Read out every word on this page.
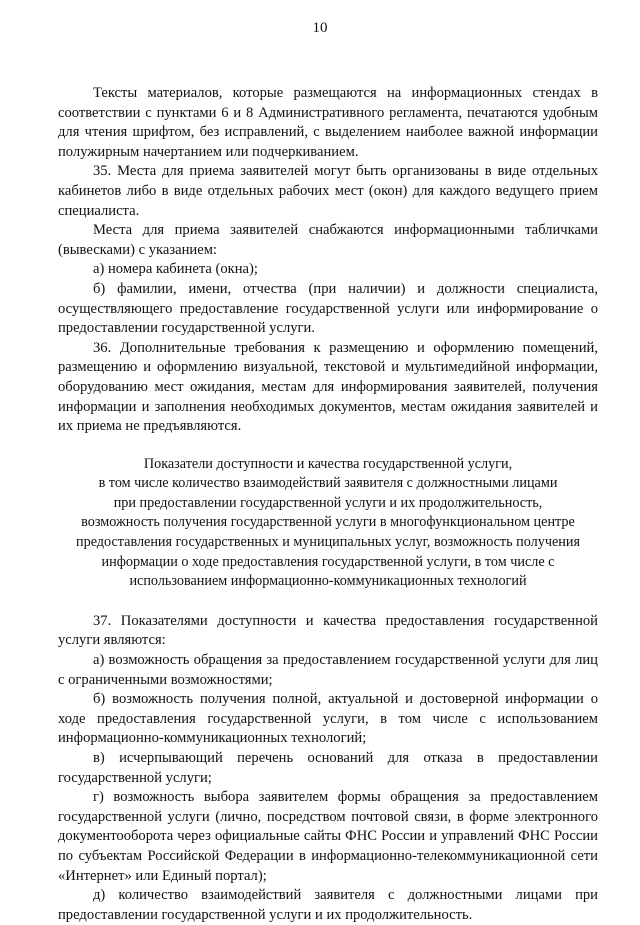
10

Тексты материалов, которые размещаются на информационных стендах в соответствии с пунктами 6 и 8 Административного регламента, печатаются удобным для чтения шрифтом, без исправлений, с выделением наиболее важной информации полужирным начертанием или подчеркиванием.

35. Места для приема заявителей могут быть организованы в виде отдельных кабинетов либо в виде отдельных рабочих мест (окон) для каждого ведущего прием специалиста.

Места для приема заявителей снабжаются информационными табличками (вывесками) с указанием:

а) номера кабинета (окна);

б) фамилии, имени, отчества (при наличии) и должности специалиста, осуществляющего предоставление государственной услуги или информирование о предоставлении государственной услуги.

36. Дополнительные требования к размещению и оформлению помещений, размещению и оформлению визуальной, текстовой и мультимедийной информации, оборудованию мест ожидания, местам для информирования заявителей, получения информации и заполнения необходимых документов, местам ожидания заявителей и их приема не предъявляются.

Показатели доступности и качества государственной услуги,
в том числе количество взаимодействий заявителя с должностными лицами
при предоставлении государственной услуги и их продолжительность,
возможность получения государственной услуги в многофункциональном центре
предоставления государственных и муниципальных услуг, возможность получения
информации о ходе предоставления государственной услуги, в том числе с
использованием информационно-коммуникационных технологий

37. Показателями доступности и качества предоставления государственной услуги являются:

а) возможность обращения за предоставлением государственной услуги для лиц с ограниченными возможностями;

б) возможность получения полной, актуальной и достоверной информации о ходе предоставления государственной услуги, в том числе с использованием информационно-коммуникационных технологий;

в) исчерпывающий перечень оснований для отказа в предоставлении государственной услуги;

г) возможность выбора заявителем формы обращения за предоставлением государственной услуги (лично, посредством почтовой связи, в форме электронного документооборота через официальные сайты ФНС России и управлений ФНС России по субъектам Российской Федерации в информационно-телекоммуникационной сети «Интернет» или Единый портал);

д) количество взаимодействий заявителя с должностными лицами при предоставлении государственной услуги и их продолжительность.
